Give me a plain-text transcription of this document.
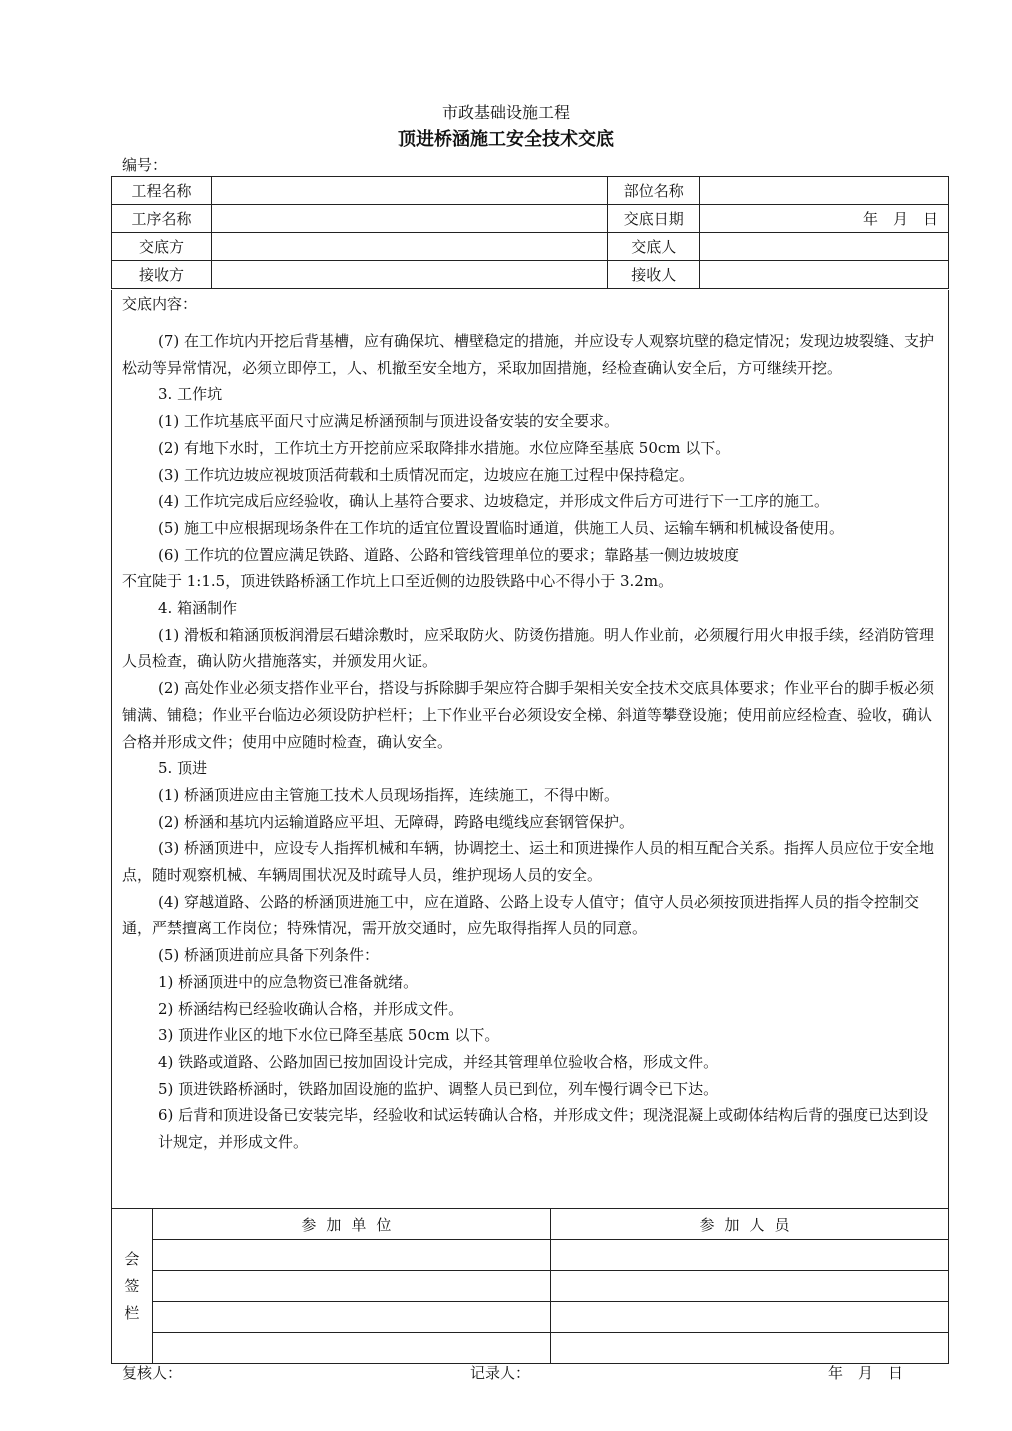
市政基础设施工程
顶进桥涵施工安全技术交底
编号：
工程名称		部位名称	
工序名称		交底日期	年　月　日
交底方		交底人	
接收方		接收人	
交底内容：

(7) 在工作坑内开挖后背基槽，应有确保坑、槽壁稳定的措施，并应设专人观察坑壁的稳定情况；发现边坡裂缝、支护松动等异常情况，必须立即停工，人、机撤至安全地方，采取加固措施，经检查确认安全后，方可继续开挖。

3. 工作坑

(1) 工作坑基底平面尺寸应满足桥涵预制与顶进设备安装的安全要求。

(2) 有地下水时，工作坑土方开挖前应采取降排水措施。水位应降至基底 50cm 以下。

(3) 工作坑边坡应视坡顶活荷载和土质情况而定，边坡应在施工过程中保持稳定。

(4) 工作坑完成后应经验收，确认上基符合要求、边坡稳定，并形成文件后方可进行下一工序的施工。

(5) 施工中应根据现场条件在工作坑的适宜位置设置临时通道，供施工人员、运输车辆和机械设备使用。

(6) 工作坑的位置应满足铁路、道路、公路和管线管理单位的要求；靠路基一侧边坡坡度

不宜陡于 1:1.5，顶进铁路桥涵工作坑上口至近侧的边股铁路中心不得小于 3.2m。

4. 箱涵制作

(1) 滑板和箱涵顶板润滑层石蜡涂敷时，应采取防火、防烫伤措施。明人作业前，必须履行用火申报手续，经消防管理人员检查，确认防火措施落实，并颁发用火证。

(2) 高处作业必须支搭作业平台，搭设与拆除脚手架应符合脚手架相关安全技术交底具体要求；作业平台的脚手板必须铺满、铺稳；作业平台临边必须设防护栏杆；上下作业平台必须设安全梯、斜道等攀登设施；使用前应经检查、验收，确认合格并形成文件；使用中应随时检查，确认安全。

5. 顶进

(1) 桥涵顶进应由主管施工技术人员现场指挥，连续施工，不得中断。

(2) 桥涵和基坑内运输道路应平坦、无障碍，跨路电缆线应套钢管保护。

(3) 桥涵顶进中，应设专人指挥机械和车辆，协调挖土、运土和顶进操作人员的相互配合关系。指挥人员应位于安全地点，随时观察机械、车辆周围状况及时疏导人员，维护现场人员的安全。

(4) 穿越道路、公路的桥涵顶进施工中，应在道路、公路上设专人值守；值守人员必须按顶进指挥人员的指令控制交通，严禁擅离工作岗位；特殊情况，需开放交通时，应先取得指挥人员的同意。

(5) 桥涵顶进前应具备下列条件：

1) 桥涵顶进中的应急物资已准备就绪。

2) 桥涵结构已经验收确认合格，并形成文件。

3) 顶进作业区的地下水位已降至基底 50cm 以下。

4) 铁路或道路、公路加固已按加固设计完成，并经其管理单位验收合格，形成文件。

5) 顶进铁路桥涵时，铁路加固设施的监护、调整人员已到位，列车慢行调令已下达。

6) 后背和顶进设备已安装完毕，经验收和试运转确认合格，并形成文件；现浇混凝上或砌体结构后背的强度已达到设计规定，并形成文件。

会
签
栏	参加单位	参加人员

复核人：	记录人：	年　月　日
